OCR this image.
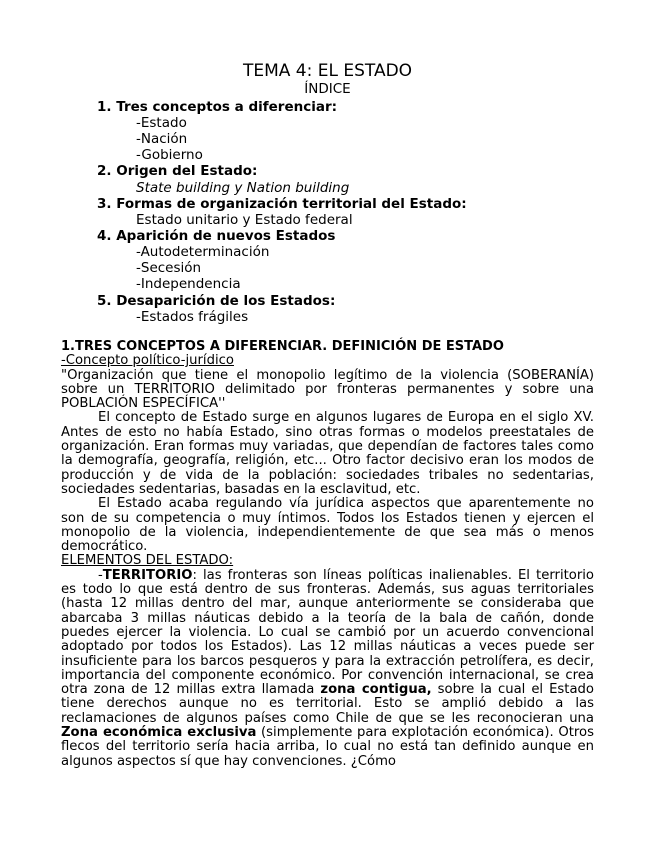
TEMA 4: EL ESTADO
ÍNDICE
1. Tres conceptos a diferenciar:
-Estado
-Nación
-Gobierno
2. Origen del Estado:
State building y Nation building
3. Formas de organización territorial del Estado:
Estado unitario y Estado federal
4. Aparición de nuevos Estados
-Autodeterminación
-Secesión
-Independencia
5. Desaparición de los Estados:
-Estados frágiles

1.TRES CONCEPTOS A DIFERENCIAR. DEFINICIÓN DE ESTADO

-Concepto político-jurídico

"Organización que tiene el monopolio legítimo de la violencia (SOBERANÍA) sobre un TERRITORIO delimitado por fronteras permanentes y sobre una POBLACIÓN ESPECÍFICA''

El concepto de Estado surge en algunos lugares de Europa en el siglo XV. Antes de esto no había Estado, sino otras formas o modelos preestatales de organización. Eran formas muy variadas, que dependían de factores tales como la demografía, geografía, religión, etc... Otro factor decisivo eran los modos de producción y de vida de la población: sociedades tribales no sedentarias, sociedades sedentarias, basadas en la esclavitud, etc.

El Estado acaba regulando vía jurídica aspectos que aparentemente no son de su competencia o muy íntimos. Todos los Estados tienen y ejercen el monopolio de la violencia, independientemente de que sea más o menos democrático.

ELEMENTOS DEL ESTADO:

-TERRITORIO: las fronteras son líneas políticas inalienables. El territorio es todo lo que está dentro de sus fronteras. Además, sus aguas territoriales (hasta 12 millas dentro del mar, aunque anteriormente se consideraba que abarcaba 3 millas náuticas debido a la teoría de la bala de cañón, donde puedes ejercer la violencia. Lo cual se cambió por un acuerdo convencional adoptado por todos los Estados). Las 12 millas náuticas a veces puede ser insuficiente para los barcos pesqueros y para la extracción petrolífera, es decir, importancia del componente económico. Por convención internacional, se crea otra zona de 12 millas extra llamada zona contigua, sobre la cual el Estado tiene derechos aunque no es territorial. Esto se amplió debido a las reclamaciones de algunos países como Chile de que se les reconocieran una Zona económica exclusiva (simplemente para explotación económica). Otros flecos del territorio sería hacia arriba, lo cual no está tan definido aunque en algunos aspectos sí que hay convenciones. ¿Cómo
